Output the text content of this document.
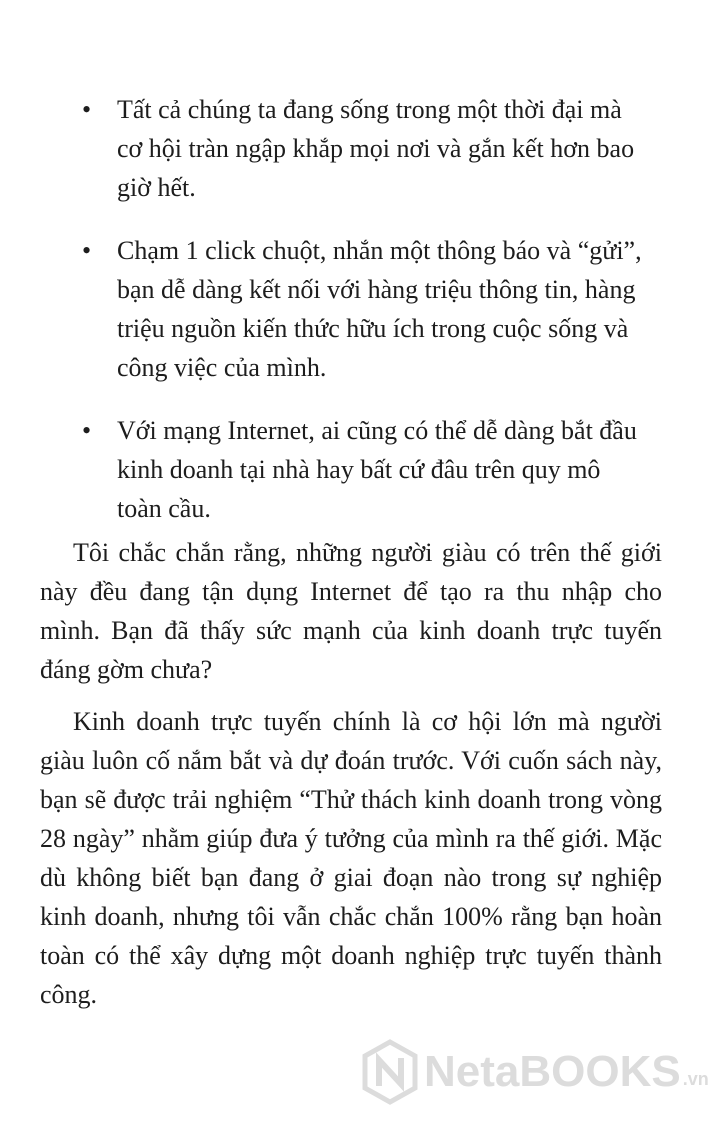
• Tất cả chúng ta đang sống trong một thời đại mà cơ hội tràn ngập khắp mọi nơi và gắn kết hơn bao giờ hết.
• Chạm 1 click chuột, nhắn một thông báo và “gửi”, bạn dễ dàng kết nối với hàng triệu thông tin, hàng triệu nguồn kiến thức hữu ích trong cuộc sống và công việc của mình.
• Với mạng Internet, ai cũng có thể dễ dàng bắt đầu kinh doanh tại nhà hay bất cứ đâu trên quy mô toàn cầu.

Tôi chắc chắn rằng, những người giàu có trên thế giới này đều đang tận dụng Internet để tạo ra thu nhập cho mình. Bạn đã thấy sức mạnh của kinh doanh trực tuyến đáng gờm chưa?

Kinh doanh trực tuyến chính là cơ hội lớn mà người giàu luôn cố nắm bắt và dự đoán trước. Với cuốn sách này, bạn sẽ được trải nghiệm “Thử thách kinh doanh trong vòng 28 ngày” nhằm giúp đưa ý tưởng của mình ra thế giới. Mặc dù không biết bạn đang ở giai đoạn nào trong sự nghiệp kinh doanh, nhưng tôi vẫn chắc chắn 100% rằng bạn hoàn toàn có thể xây dựng một doanh nghiệp trực tuyến thành công.

NetaBOOKS .vn
